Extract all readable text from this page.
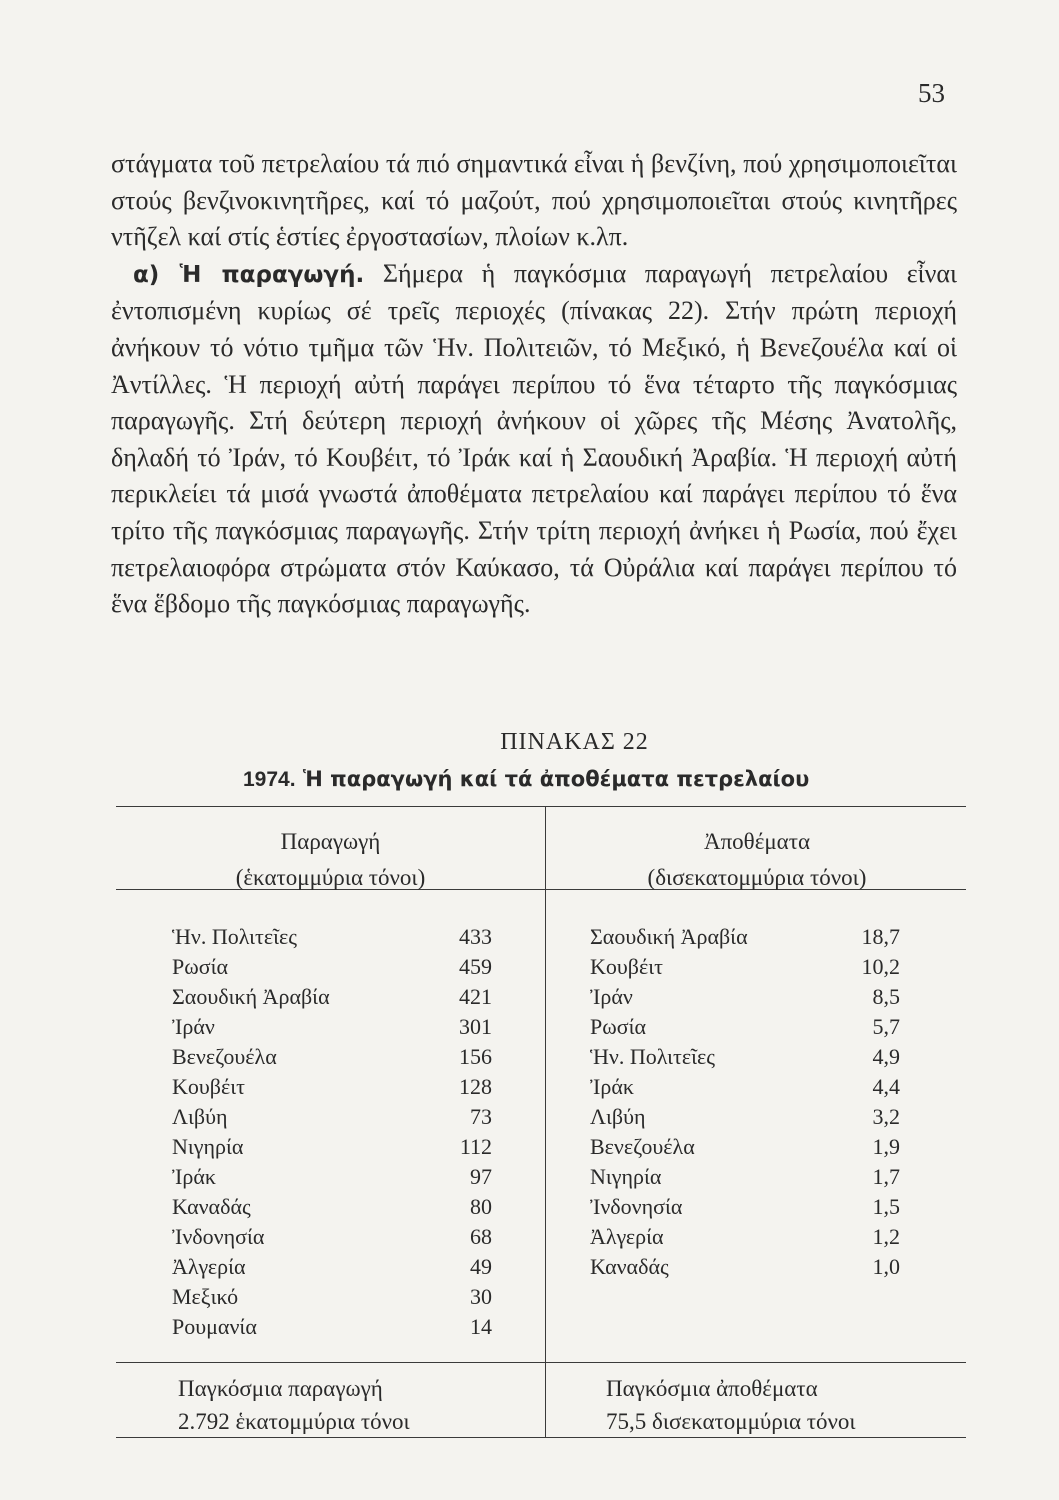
53

στάγματα τοῦ πετρελαίου τά πιό σημαντικά εἶναι ἡ βενζίνη, πού χρησιμοποιεῖται στούς βενζινοκινητῆρες, καί τό μαζούτ, πού χρησιμοποιεῖται στούς κινητῆρες ντῆζελ καί στίς ἑστίες ἐργοστασίων, πλοίων κ.λπ.

α) Ἡ παραγωγή. Σήμερα ἡ παγκόσμια παραγωγή πετρελαίου εἶναι ἐντοπισμένη κυρίως σέ τρεῖς περιοχές (πίνακας 22). Στήν πρώτη περιοχή ἀνήκουν τό νότιο τμῆμα τῶν Ἡν. Πολιτειῶν, τό Μεξικό, ἡ Βενεζουέλα καί οἱ Ἀντίλλες. Ἡ περιοχή αὐτή παράγει περίπου τό ἕνα τέταρτο τῆς παγκόσμιας παραγωγῆς. Στή δεύτερη περιοχή ἀνήκουν οἱ χῶρες τῆς Μέσης Ἀνατολῆς, δηλαδή τό Ἰράν, τό Κουβέιτ, τό Ἰράκ καί ἡ Σαουδική Ἀραβία. Ἡ περιοχή αὐτή περικλείει τά μισά γνωστά ἀποθέματα πετρελαίου καί παράγει περίπου τό ἕνα τρίτο τῆς παγκόσμιας παραγωγῆς. Στήν τρίτη περιοχή ἀνήκει ἡ Ρωσία, πού ἔχει πετρελαιοφόρα στρώματα στόν Καύκασο, τά Οὐράλια καί παράγει περίπου τό ἕνα ἕβδομο τῆς παγκόσμιας παραγωγῆς.

ΠΙΝΑΚΑΣ 22
1974. Ἡ παραγωγή καί τά ἀποθέματα πετρελαίου
Παραγωγή
(ἑκατομμύρια τόνοι)
Ἀποθέματα
(δισεκατομμύρια τόνοι)
Ἡν. Πολιτεῖες	433
Ρωσία	459
Σαουδική Ἀραβία	421
Ἰράν	301
Βενεζουέλα	156
Κουβέιτ	128
Λιβύη	73
Νιγηρία	112
Ἰράκ	97
Καναδάς	80
Ἰνδονησία	68
Ἀλγερία	49
Μεξικό	30
Ρουμανία	14
Σαουδική Ἀραβία	18,7
Κουβέιτ	10,2
Ἰράν	8,5
Ρωσία	5,7
Ἡν. Πολιτεῖες	4,9
Ἰράκ	4,4
Λιβύη	3,2
Βενεζουέλα	1,9
Νιγηρία	1,7
Ἰνδονησία	1,5
Ἀλγερία	1,2
Καναδάς	1,0
Παγκόσμια παραγωγή
2.792 ἑκατομμύρια τόνοι
Παγκόσμια ἀποθέματα
75,5 δισεκατομμύρια τόνοι
